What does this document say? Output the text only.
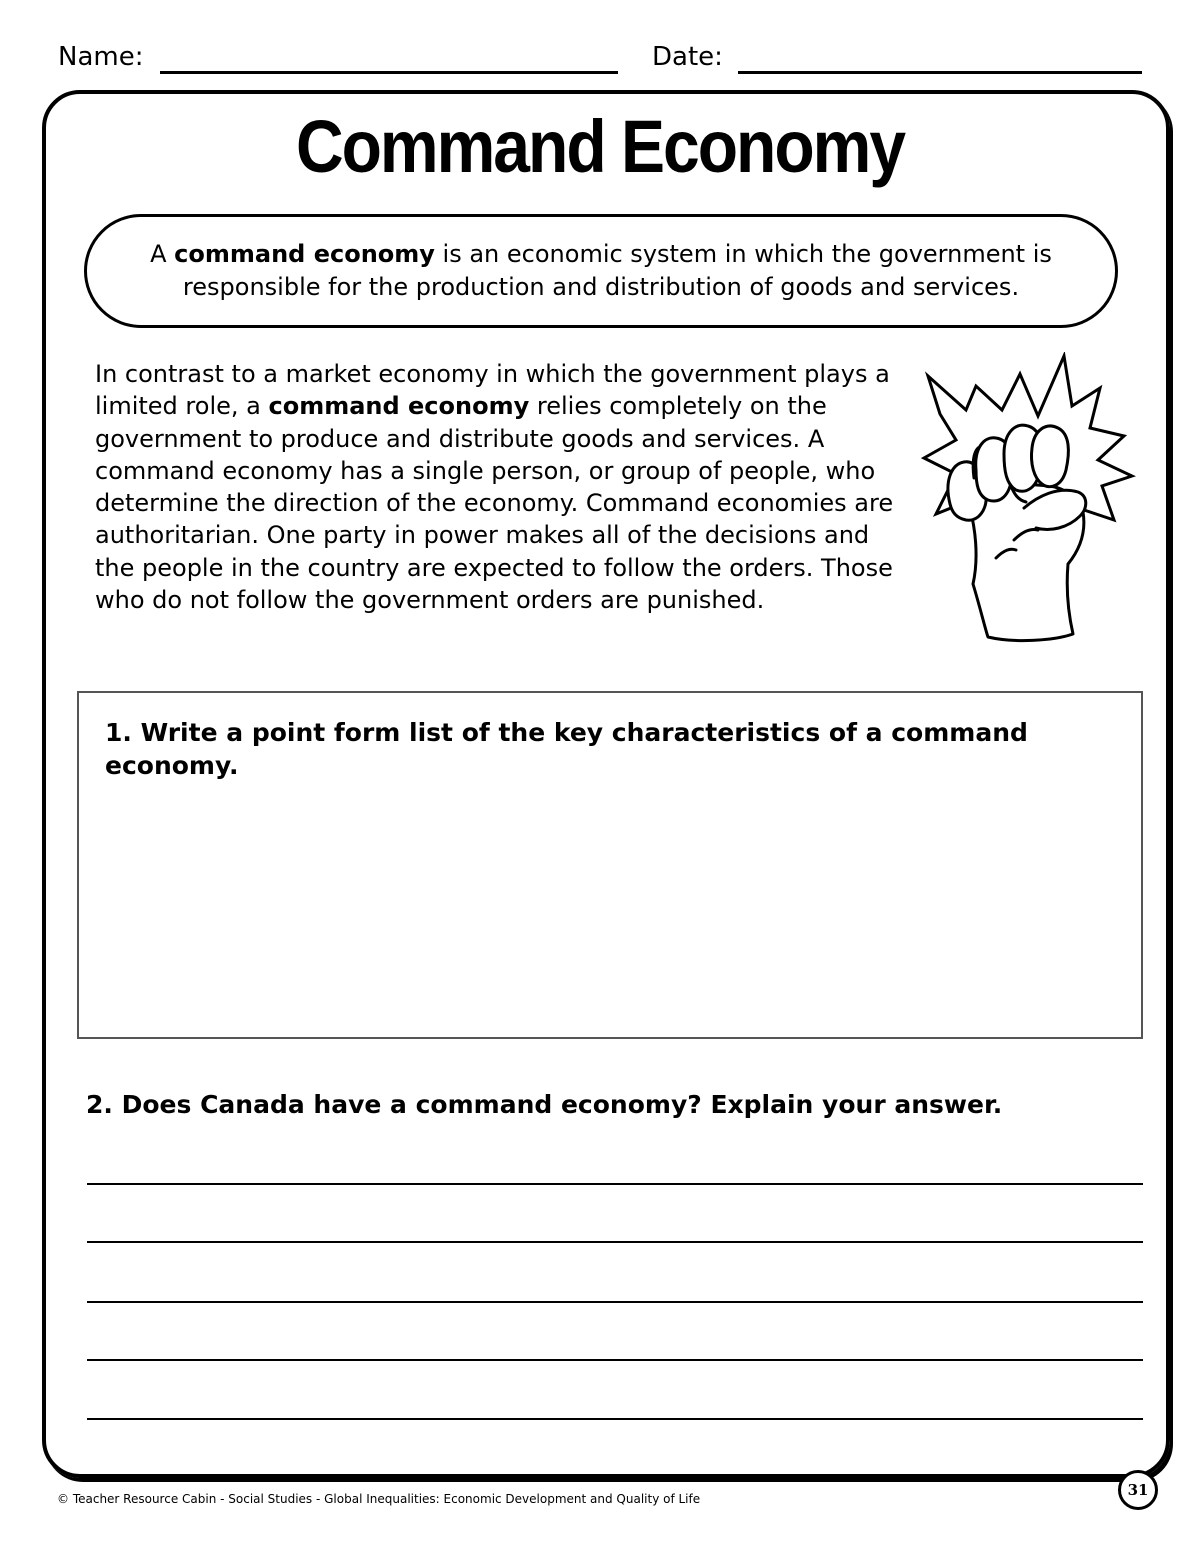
Name:	Date:
Command Economy
A command economy is an economic system in which the government is responsible for the production and distribution of goods and services.
In contrast to a market economy in which the government plays a limited role, a command economy relies completely on the government to produce and distribute goods and services. A command economy has a single person, or group of people, who determine the direction of the economy. Command economies are authoritarian. One party in power makes all of the decisions and the people in the country are expected to follow the orders. Those who do not follow the government orders are punished.
1. Write a point form list of the key characteristics of a command economy.
2. Does Canada have a command economy? Explain your answer.
© Teacher Resource Cabin - Social Studies - Global Inequalities: Economic Development and Quality of Life	31
